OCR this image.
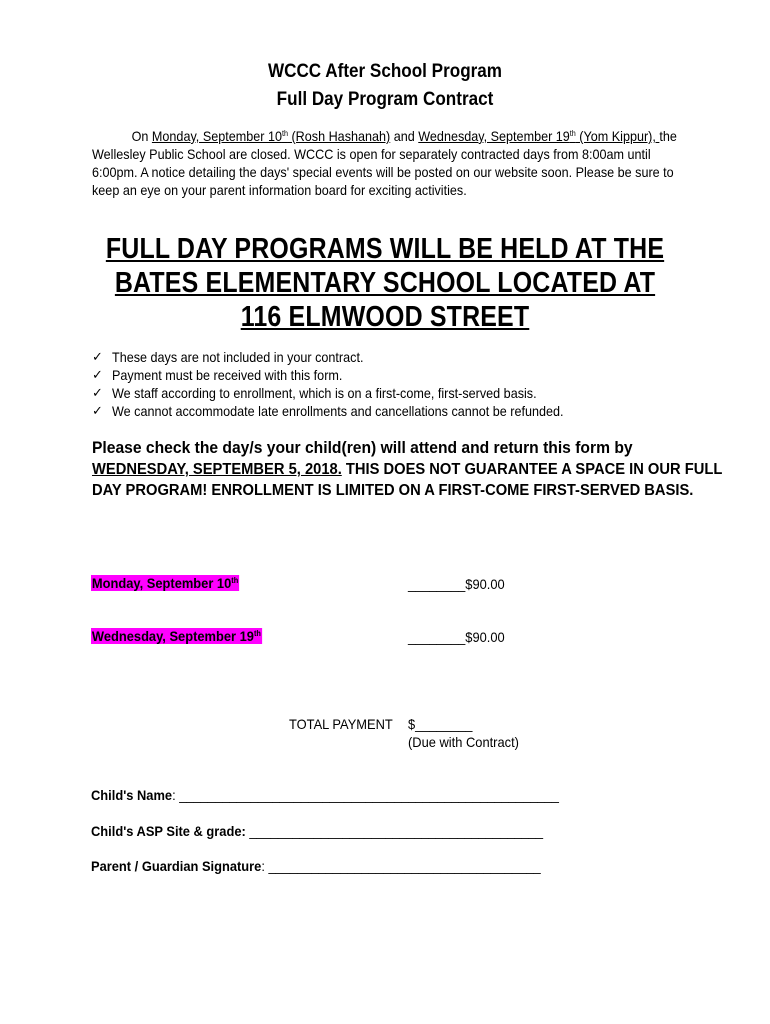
WCCC After School Program
Full Day Program Contract
On Monday, September 10th (Rosh Hashanah) and Wednesday, September 19th (Yom Kippur), the Wellesley Public School are closed. WCCC is open for separately contracted days from 8:00am until 6:00pm. A notice detailing the days' special events will be posted on our website soon. Please be sure to keep an eye on your parent information board for exciting activities.
FULL DAY PROGRAMS WILL BE HELD AT THE
BATES ELEMENTARY SCHOOL LOCATED AT
116 ELMWOOD STREET
✓ These days are not included in your contract.
✓ Payment must be received with this form.
✓ We staff according to enrollment, which is on a first-come, first-served basis.
✓ We cannot accommodate late enrollments and cancellations cannot be refunded.
Please check the day/s your child(ren) will attend and return this form by
WEDNESDAY, SEPTEMBER 5, 2018. THIS DOES NOT GUARANTEE A SPACE IN OUR FULL DAY PROGRAM! ENROLLMENT IS LIMITED ON A FIRST-COME FIRST-SERVED BASIS.
Monday, September 10th	________$90.00
Wednesday, September 19th	________$90.00
TOTAL PAYMENT $________
(Due with Contract)
Child's Name: _____________________________________________________
Child's ASP Site & grade: _________________________________________
Parent / Guardian Signature: ______________________________________
